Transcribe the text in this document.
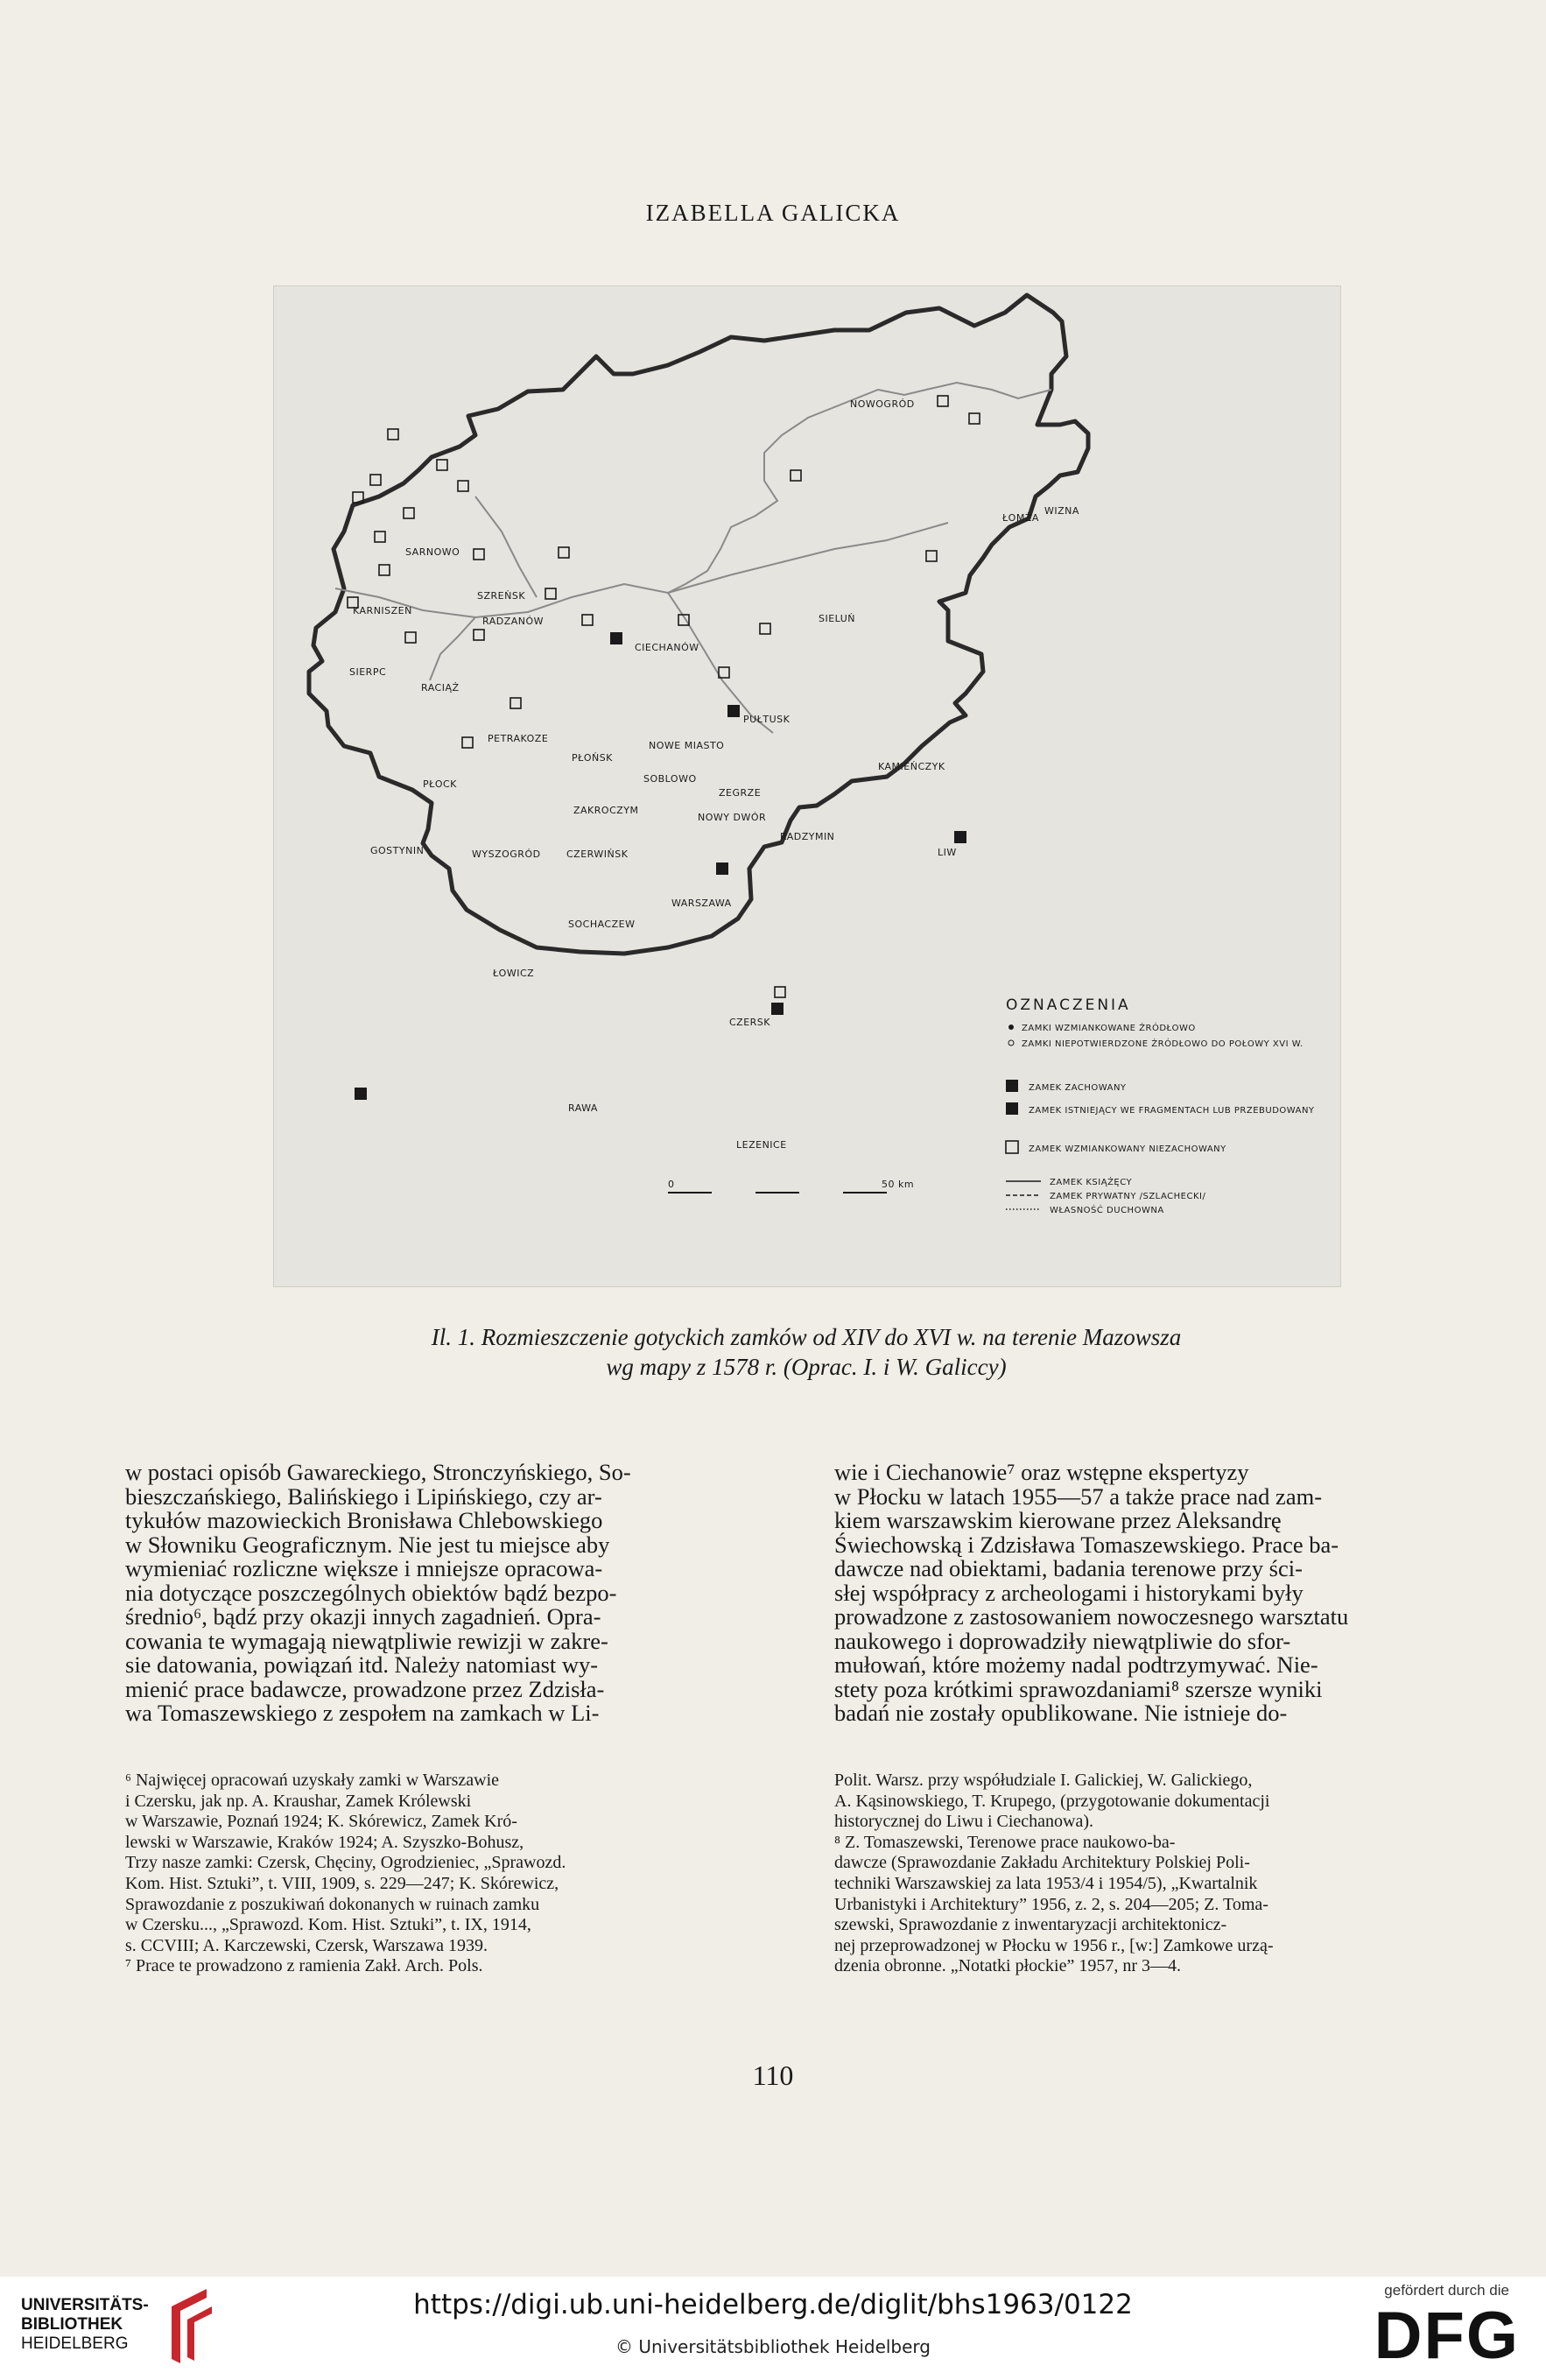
IZABELLA GALICKA
NOWOGRÓD
ŁOMŻA
WIZNA
SARNOWO
SZREŃSK
KARNISZEN
RADZANÓW
CIECHANÓW
SIELUŃ
SIERPC
RACIĄŻ
PUŁTUSK
PETRAKOZE
PŁOŃSK
NOWE MIASTO
KAMIEŃCZYK
PŁOCK	SOBLOWO
ZEGRZE
ZAKROCZYM
NOWY DWÓR
RADZYMIN
LIW
GOSTYNIN	WYSZOGRÓD	CZERWIŃSK
WARSZAWA
SOCHACZEW
ŁOWICZ
CZERSK
RAWA
LEZENICE
OZNACZENIA
ZAMKI WZMIANKOWANE ŹRÓDŁOWO
ZAMKI NIEPOTWIERDZONE ŹRÓDŁOWO DO POŁOWY XVI W.
ZAMEK ZACHOWANY
ZAMEK ISTNIEJĄCY WE FRAGMENTACH LUB PRZEBUDOWANY
ZAMEK WZMIANKOWANY NIEZACHOWANY
ZAMEK KSIĄŻĘCY
ZAMEK PRYWATNY /SZLACHECKI/
WŁASNOŚĆ DUCHOWNA
0	50 km
Il. 1. Rozmieszczenie gotyckich zamków od XIV do XVI w. na terenie Mazowsza
wg mapy z 1578 r. (Oprac. I. i W. Galiccy)
w postaci opisób Gawareckiego, Stronczyńskiego, So-
bieszczańskiego, Balińskiego i Lipińskiego, czy ar-
tykułów mazowieckich Bronisława Chlebowskiego
w Słowniku Geograficznym. Nie jest tu miejsce aby
wymieniać rozliczne większe i mniejsze opracowa-
nia dotyczące poszczególnych obiektów bądź bezpo-
średnio⁶, bądź przy okazji innych zagadnień. Opra-
cowania te wymagają niewątpliwie rewizji w zakre-
sie datowania, powiązań itd. Należy natomiast wy-
mienić prace badawcze, prowadzone przez Zdzisła-
wa Tomaszewskiego z zespołem na zamkach w Li-
wie i Ciechanowie⁷ oraz wstępne ekspertyzy
w Płocku w latach 1955—57 a także prace nad zam-
kiem warszawskim kierowane przez Aleksandrę
Świechowską i Zdzisława Tomaszewskiego. Prace ba-
dawcze nad obiektami, badania terenowe przy ści-
słej współpracy z archeologami i historykami były
prowadzone z zastosowaniem nowoczesnego warsztatu
naukowego i doprowadziły niewątpliwie do sfor-
mułowań, które możemy nadal podtrzymywać. Nie-
stety poza krótkimi sprawozdaniami⁸ szersze wyniki
badań nie zostały opublikowane. Nie istnieje do-
⁶ Najwięcej opracowań uzyskały zamki w Warszawie
i Czersku, jak np. A. Kraushar, Zamek Królewski
w Warszawie, Poznań 1924; K. Skórewicz, Zamek Kró-
lewski w Warszawie, Kraków 1924; A. Szyszko-Bohusz,
Trzy nasze zamki: Czersk, Chęciny, Ogrodzieniec, „Sprawozd.
Kom. Hist. Sztuki”, t. VIII, 1909, s. 229—247; K. Skórewicz,
Sprawozdanie z poszukiwań dokonanych w ruinach zamku
w Czersku..., „Sprawozd. Kom. Hist. Sztuki”, t. IX, 1914,
s. CCVIII; A. Karczewski, Czersk, Warszawa 1939.
⁷ Prace te prowadzono z ramienia Zakł. Arch. Pols.
Polit. Warsz. przy współudziale I. Galickiej, W. Galickiego,
A. Kąsinowskiego, T. Krupego, (przygotowanie dokumentacji
historycznej do Liwu i Ciechanowa).
⁸ Z. Tomaszewski, Terenowe prace naukowo-ba-
dawcze (Sprawozdanie Zakładu Architektury Polskiej Poli-
techniki Warszawskiej za lata 1953/4 i 1954/5), „Kwartalnik
Urbanistyki i Architektury” 1956, z. 2, s. 204—205; Z. Toma-
szewski, Sprawozdanie z inwentaryzacji architektonicz-
nej przeprowadzonej w Płocku w 1956 r., [w:] Zamkowe urzą-
dzenia obronne. „Notatki płockie” 1957, nr 3—4.
110
UNIVERSITÄTS-
BIBLIOTHEK
HEIDELBERG
https://digi.ub.uni-heidelberg.de/diglit/bhs1963/0122
© Universitätsbibliothek Heidelberg
gefördert durch die
DFG
